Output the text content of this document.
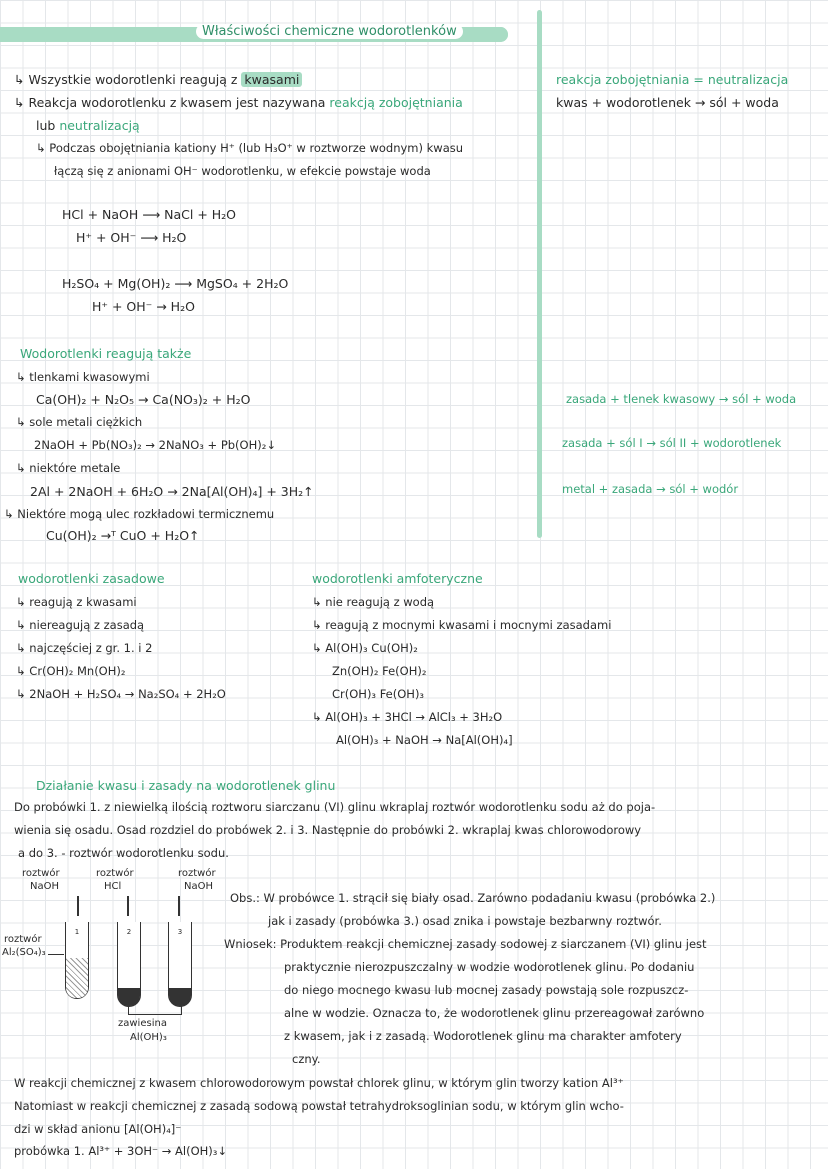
Właściwości chemiczne wodorotlenków
↳ Wszystkie wodorotlenki reagują z kwasami
↳ Reakcja wodorotlenku z kwasem jest nazywana reakcją zobojętniania
lub neutralizacją
↳ Podczas obojętniania kationy H⁺ (lub H₃O⁺ w roztworze wodnym) kwasu
łączą się z anionami OH⁻ wodorotlenku, w efekcie powstaje woda
HCl + NaOH ⟶ NaCl + H₂O
H⁺ + OH⁻ ⟶ H₂O
H₂SO₄ + Mg(OH)₂ ⟶ MgSO₄ + 2H₂O
H⁺ + OH⁻ → H₂O
reakcja zobojętniania = neutralizacja
kwas + wodorotlenek → sól + woda
zasada + tlenek kwasowy → sól + woda
zasada + sól I → sól II + wodorotlenek
metal + zasada → sól + wodór
Wodorotlenki reagują także
↳ tlenkami kwasowymi
Ca(OH)₂ + N₂O₅ → Ca(NO₃)₂ + H₂O
↳ sole metali ciężkich
2NaOH + Pb(NO₃)₂ → 2NaNO₃ + Pb(OH)₂↓
↳ niektóre metale
2Al + 2NaOH + 6H₂O → 2Na[Al(OH)₄] + 3H₂↑
↳ Niektóre mogą ulec rozkładowi termicznemu
Cu(OH)₂ →ᵀ CuO + H₂O↑
wodorotlenki zasadowe
↳ reagują z kwasami
↳ niereagują z zasadą
↳ najczęściej z gr. 1. i 2
↳ Cr(OH)₂ Mn(OH)₂
↳ 2NaOH + H₂SO₄ → Na₂SO₄ + 2H₂O
wodorotlenki amfoteryczne
↳ nie reagują z wodą
↳ reagują z mocnymi kwasami i mocnymi zasadami
↳ Al(OH)₃ Cu(OH)₂
Zn(OH)₂ Fe(OH)₂
Cr(OH)₃ Fe(OH)₃
↳ Al(OH)₃ + 3HCl → AlCl₃ + 3H₂O
Al(OH)₃ + NaOH → Na[Al(OH)₄]
Działanie kwasu i zasady na wodorotlenek glinu
Do probówki 1. z niewielką ilością roztworu siarczanu (VI) glinu wkraplaj roztwór wodorotlenku sodu aż do poja-
wienia się osadu. Osad rozdziel do probówek 2. i 3. Następnie do probówki 2. wkraplaj kwas chlorowodorowy
a do 3. - roztwór wodorotlenku sodu.
roztwór
NaOH
roztwór
HCl
roztwór
NaOH
roztwór
Al₂(SO₄)₃
zawiesina
Al(OH)₃
1	2	3
Obs.: W probówce 1. strącił się biały osad. Zarówno podadaniu kwasu (probówka 2.)
jak i zasady (probówka 3.) osad znika i powstaje bezbarwny roztwór.
Wniosek: Produktem reakcji chemicznej zasady sodowej z siarczanem (VI) glinu jest
praktycznie nierozpuszczalny w wodzie wodorotlenek glinu. Po dodaniu
do niego mocnego kwasu lub mocnej zasady powstają sole rozpuszcz-
alne w wodzie. Oznacza to, że wodorotlenek glinu przereagował zarówno
z kwasem, jak i z zasadą. Wodorotlenek glinu ma charakter amfotery
czny.
W reakcji chemicznej z kwasem chlorowodorowym powstał chlorek glinu, w którym glin tworzy kation Al³⁺
Natomiast w reakcji chemicznej z zasadą sodową powstał tetrahydroksoglinian sodu, w którym glin wcho-
dzi w skład anionu [Al(OH)₄]⁻
probówka 1. Al³⁺ + 3OH⁻ → Al(OH)₃↓
